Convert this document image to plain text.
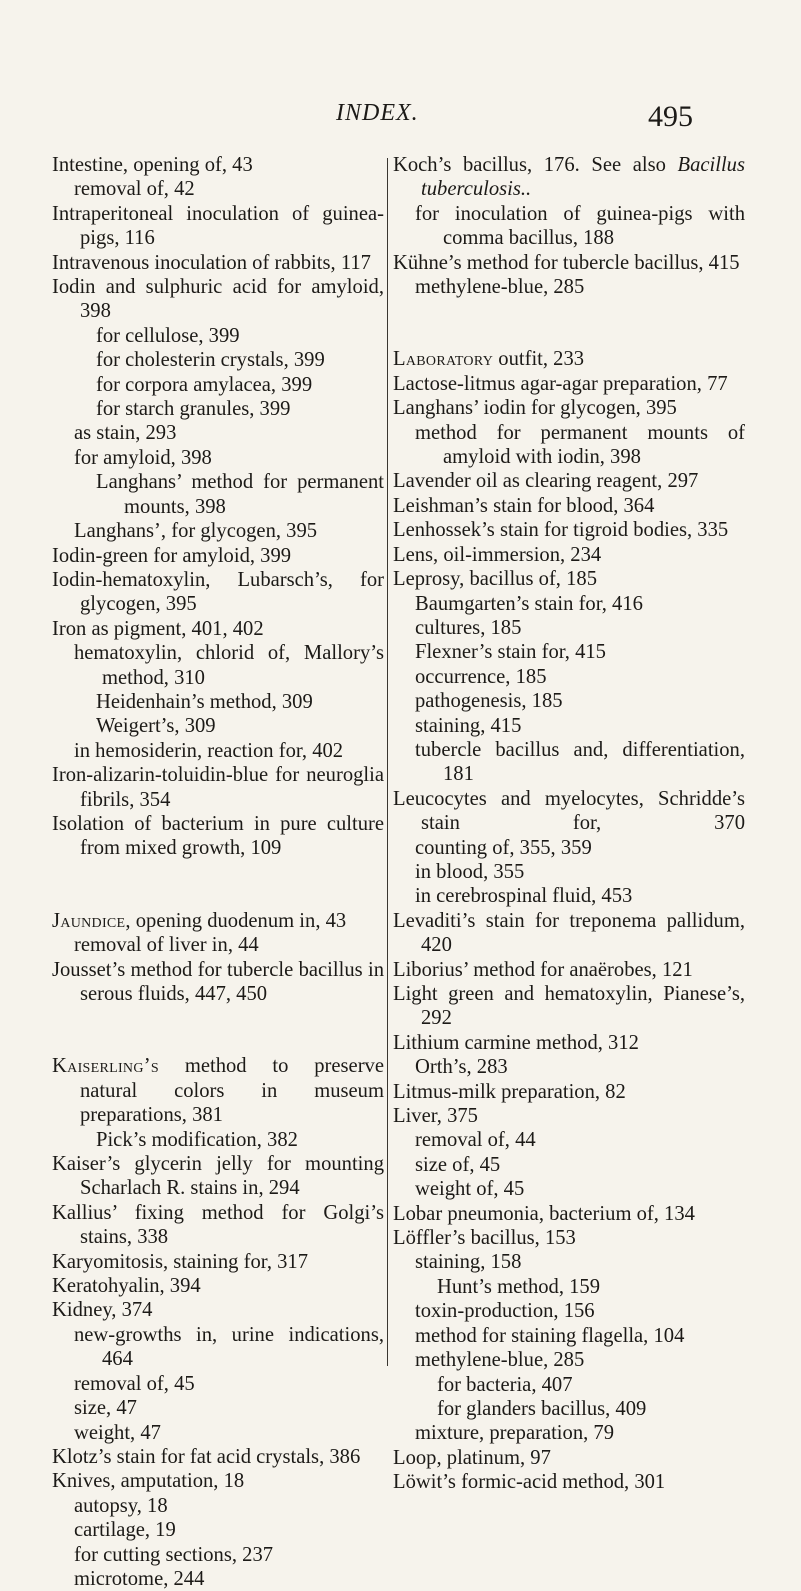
INDEX.	495
Intestine, opening of, 43
removal of, 42
Intraperitoneal inoculation of guinea-pigs, 116
Intravenous inoculation of rabbits, 117
Iodin and sulphuric acid for amyloid, 398
for cellulose, 399
for cholesterin crystals, 399
for corpora amylacea, 399
for starch granules, 399
as stain, 293
for amyloid, 398
Langhans’ method for permanent mounts, 398
Langhans’, for glycogen, 395
Iodin-green for amyloid, 399
Iodin-hematoxylin, Lubarsch’s, for glycogen, 395
Iron as pigment, 401, 402
hematoxylin, chlorid of, Mallory’s method, 310
Heidenhain’s method, 309
Weigert’s, 309
in hemosiderin, reaction for, 402
Iron-alizarin-toluidin-blue for neuroglia fibrils, 354
Isolation of bacterium in pure culture from mixed growth, 109
Jaundice, opening duodenum in, 43
removal of liver in, 44
Jousset’s method for tubercle bacillus in serous fluids, 447, 450
Kaiserling’s method to preserve natural colors in museum preparations, 381
Pick’s modification, 382
Kaiser’s glycerin jelly for mounting Scharlach R. stains in, 294
Kallius’ fixing method for Golgi’s stains, 338
Karyomitosis, staining for, 317
Keratohyalin, 394
Kidney, 374
new-growths in, urine indications, 464
removal of, 45
size, 47
weight, 47
Klotz’s stain for fat acid crystals, 386
Knives, amputation, 18
autopsy, 18
cartilage, 19
for cutting sections, 237
microtome, 244
Koch’s bacillus, 176. See also Bacillus tuberculosis..
for inoculation of guinea-pigs with comma bacillus, 188
Kühne’s method for tubercle bacillus, 415
methylene-blue, 285
Laboratory outfit, 233
Lactose-litmus agar-agar preparation, 77
Langhans’ iodin for glycogen, 395
method for permanent mounts of amyloid with iodin, 398
Lavender oil as clearing reagent, 297
Leishman’s stain for blood, 364
Lenhossek’s stain for tigroid bodies, 335
Lens, oil-immersion, 234
Leprosy, bacillus of, 185
Baumgarten’s stain for, 416
cultures, 185
Flexner’s stain for, 415
occurrence, 185
pathogenesis, 185
staining, 415
tubercle bacillus and, differentiation, 181
Leucocytes and myelocytes, Schridde’s stain for, 370
counting of, 355, 359
in blood, 355
in cerebrospinal fluid, 453
Levaditi’s stain for treponema pallidum, 420
Liborius’ method for anaërobes, 121
Light green and hematoxylin, Pianese’s, 292
Lithium carmine method, 312
Orth’s, 283
Litmus-milk preparation, 82
Liver, 375
removal of, 44
size of, 45
weight of, 45
Lobar pneumonia, bacterium of, 134
Löffler’s bacillus, 153
staining, 158
Hunt’s method, 159
toxin-production, 156
method for staining flagella, 104
methylene-blue, 285
for bacteria, 407
for glanders bacillus, 409
mixture, preparation, 79
Loop, platinum, 97
Löwit’s formic-acid method, 301
